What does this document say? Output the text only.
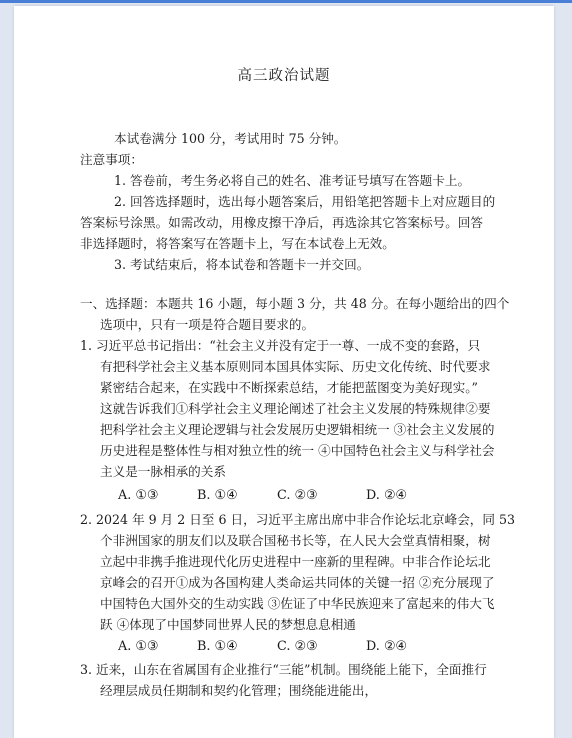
高三政治试题
本试卷满分 100 分，考试用时 75 分钟。
注意事项：
1. 答卷前，考生务必将自己的姓名、准考证号填写在答题卡上。
2. 回答选择题时，选出每小题答案后，用铅笔把答题卡上对应题目的
答案标号涂黑。如需改动，用橡皮擦干净后，再选涂其它答案标号。回答
非选择题时，将答案写在答题卡上，写在本试卷上无效。
3. 考试结束后，将本试卷和答题卡一并交回。
一、选择题：本题共 16 小题，每小题 3 分，共 48 分。在每小题给出的四个
选项中，只有一项是符合题目要求的。
1. 习近平总书记指出：“社会主义并没有定于一尊、一成不变的套路，只
有把科学社会主义基本原则同本国具体实际、历史文化传统、时代要求
紧密结合起来，在实践中不断探索总结，才能把蓝图变为美好现实。”
这就告诉我们①科学社会主义理论阐述了社会主义发展的特殊规律②要
把科学社会主义理论逻辑与社会发展历史逻辑相统一 ③社会主义发展的
历史进程是整体性与相对独立性的统一 ④中国特色社会主义与科学社会
主义是一脉相承的关系
A. ①③	B. ①④	C. ②③	D. ②④
2. 2024 年 9 月 2 日至 6 日，习近平主席出席中非合作论坛北京峰会，同 53
个非洲国家的朋友们以及联合国秘书长等，在人民大会堂真情相聚，树
立起中非携手推进现代化历史进程中一座新的里程碑。中非合作论坛北
京峰会的召开①成为各国构建人类命运共同体的关键一招 ②充分展现了
中国特色大国外交的生动实践 ③佐证了中华民族迎来了富起来的伟大飞
跃 ④体现了中国梦同世界人民的梦想息息相通
A. ①③	B. ①④	C. ②③	D. ②④
3. 近来，山东在省属国有企业推行“三能”机制。围绕能上能下，全面推行
经理层成员任期制和契约化管理；围绕能进能出，
